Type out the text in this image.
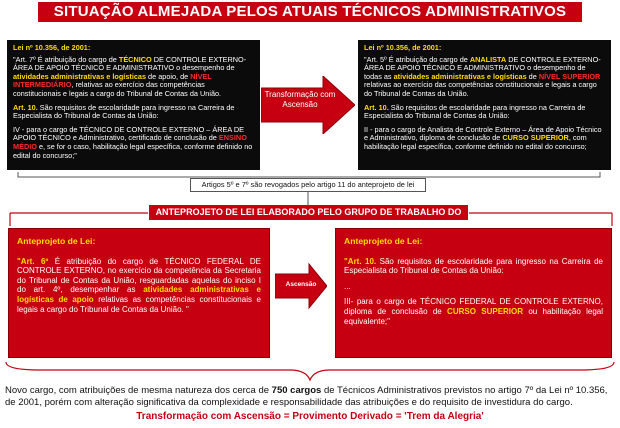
SITUAÇÃO ALMEJADA PELOS ATUAIS TÉCNICOS ADMINISTRATIVOS
Lei nº 10.356, de 2001:

"Art. 7º É atribuição do cargo de TÉCNICO DE CONTROLE EXTERNO-ÁREA DE APOIO TÉCNICO E ADMINISTRATIVO o desempenho de atividades administrativas e logísticas de apoio, de NÍVEL INTERMEDIÁRIO, relativas ao exercício das competências constitucionais e legais a cargo do Tribunal de Contas da União.

Art. 10. São requisitos de escolaridade para ingresso na Carreira de Especialista do Tribunal de Contas da União:

IV - para o cargo de TÉCNICO DE CONTROLE EXTERNO – ÁREA DE APOIO TÉCNICO e Administrativo, certificado de conclusão de ENSINO MÉDIO e, se for o caso, habilitação legal específica, conforme definido no edital do concurso;"

Transformação com Ascensão
Lei nº 10.356, de 2001:

"Art. 5º É atribuição do cargo de ANALISTA DE CONTROLE EXTERNO-ÁREA DE APOIO TÉCNICO E ADMINISTRATIVO o desempenho de todas as atividades administrativas e logísticas de NÍVEL SUPERIOR relativas ao exercício das competências constitucionais e legais a cargo do Tribunal de Contas da União.

Art. 10. São requisitos de escolaridade para ingresso na Carreira de Especialista do Tribunal de Contas da União:

II - para o cargo de Analista de Controle Externo – Área de Apoio Técnico e Administrativo, diploma de conclusão de CURSO SUPERIOR, com habilitação legal específica, conforme definido no edital do concurso;

Artigos 5º e 7º são revogados pelo artigo 11 do anteprojeto de lei
ANTEPROJETO DE LEI ELABORADO PELO GRUPO DE TRABALHO DO TCU
Anteprojeto de Lei:

"Art. 6º É atribuição do cargo de TÉCNICO FEDERAL DE CONTROLE EXTERNO, no exercício da competência da Secretaria do Tribunal de Contas da União, resguardadas aquelas do inciso I do art. 4º, desempenhar as atividades administrativas e logísticas de apoio relativas as competências constitucionais e legais a cargo do Tribunal de Contas da União. "

Ascensão
Anteprojeto de Lei:

"Art. 10. São requisitos de escolaridade para ingresso na Carreira de Especialista do Tribunal de Contas da União:

...

III- para o cargo de TÉCNICO FEDERAL DE CONTROLE EXTERNO, diploma de conclusão de CURSO SUPERIOR ou habilitação legal equivalente;"

Novo cargo, com atribuições de mesma natureza dos cerca de 750 cargos de Técnicos Administrativos previstos no artigo 7º da Lei nº 10.356, de 2001, porém com alteração significativa da complexidade e responsabilidade das atribuições e do requisito de investidura do cargo.
Transformação com Ascensão = Provimento Derivado = 'Trem da Alegria'
